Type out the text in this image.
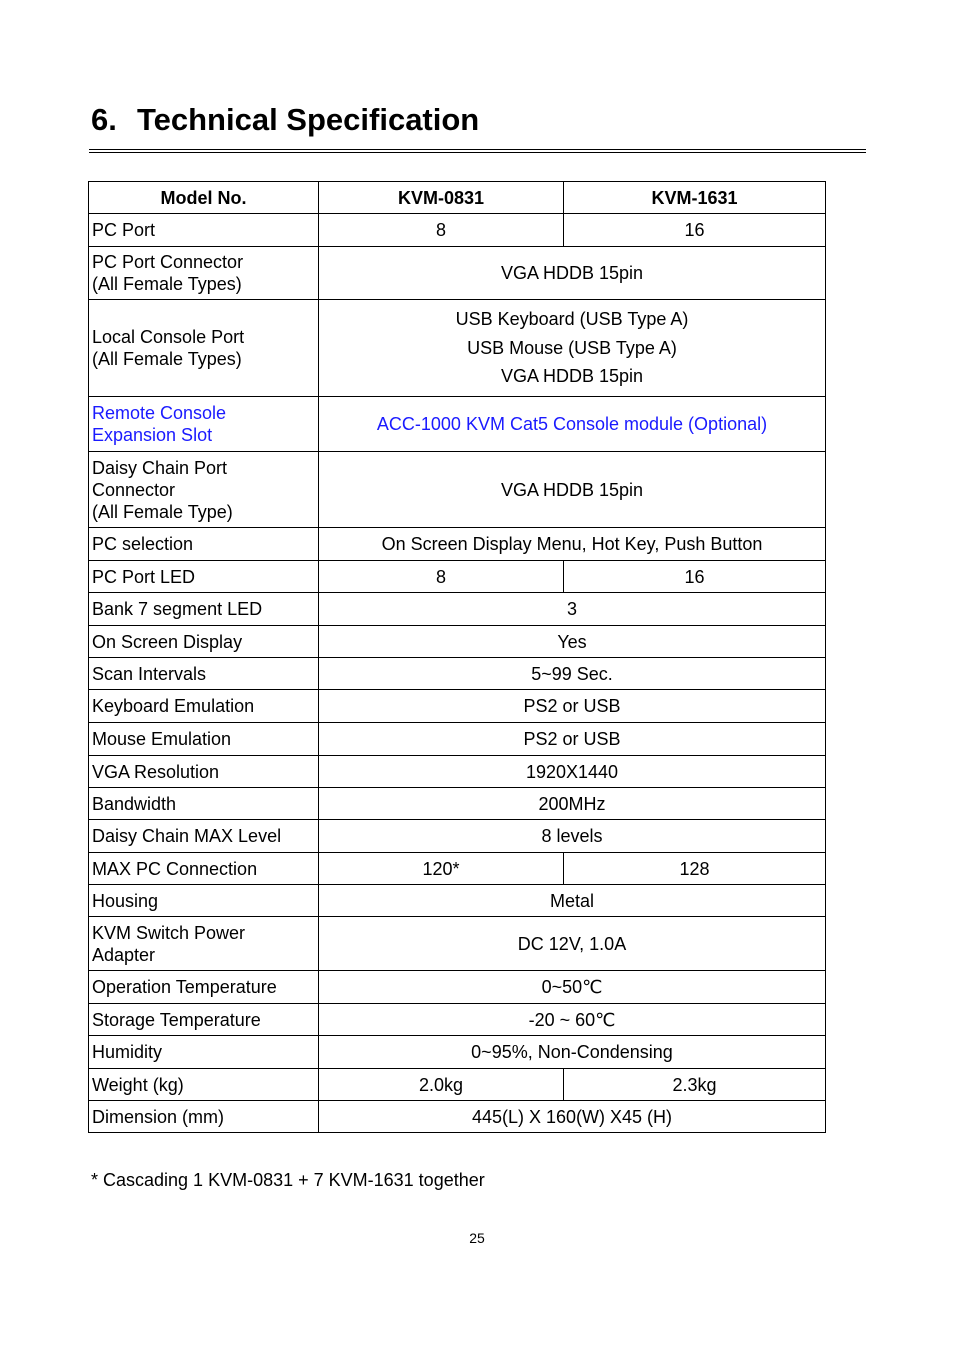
6. Technical Specification
Model No.	KVM-0831	KVM-1631
PC Port	8	16
PC Port Connector
(All Female Types)	VGA HDDB 15pin	
Local Console Port
(All Female Types)	USB Keyboard (USB Type A)
USB Mouse (USB Type A)
VGA HDDB 15pin	

Remote Console
Expansion Slot	ACC-1000 KVM Cat5 Console module (Optional)	
Daisy Chain Port
Connector
(All Female Type)	VGA HDDB 15pin	
PC selection	On Screen Display Menu, Hot Key, Push Button	
PC Port LED	8	16
Bank 7 segment LED	3	
On Screen Display	Yes	
Scan Intervals	5~99 Sec.	
Keyboard Emulation	PS2 or USB	
Mouse Emulation	PS2 or USB	
VGA Resolution	1920X1440	
Bandwidth	200MHz	
Daisy Chain MAX Level	8 levels	
MAX PC Connection	120*	128
Housing	Metal	
KVM Switch Power
Adapter	DC 12V, 1.0A	
Operation Temperature	0~50℃	
Storage Temperature	-20 ~ 60℃	
Humidity	0~95%, Non-Condensing	
Weight (kg)	2.0kg	2.3kg
Dimension (mm)	445(L) X 160(W) X45 (H)	
* Cascading 1 KVM-0831 + 7 KVM-1631 together
25
